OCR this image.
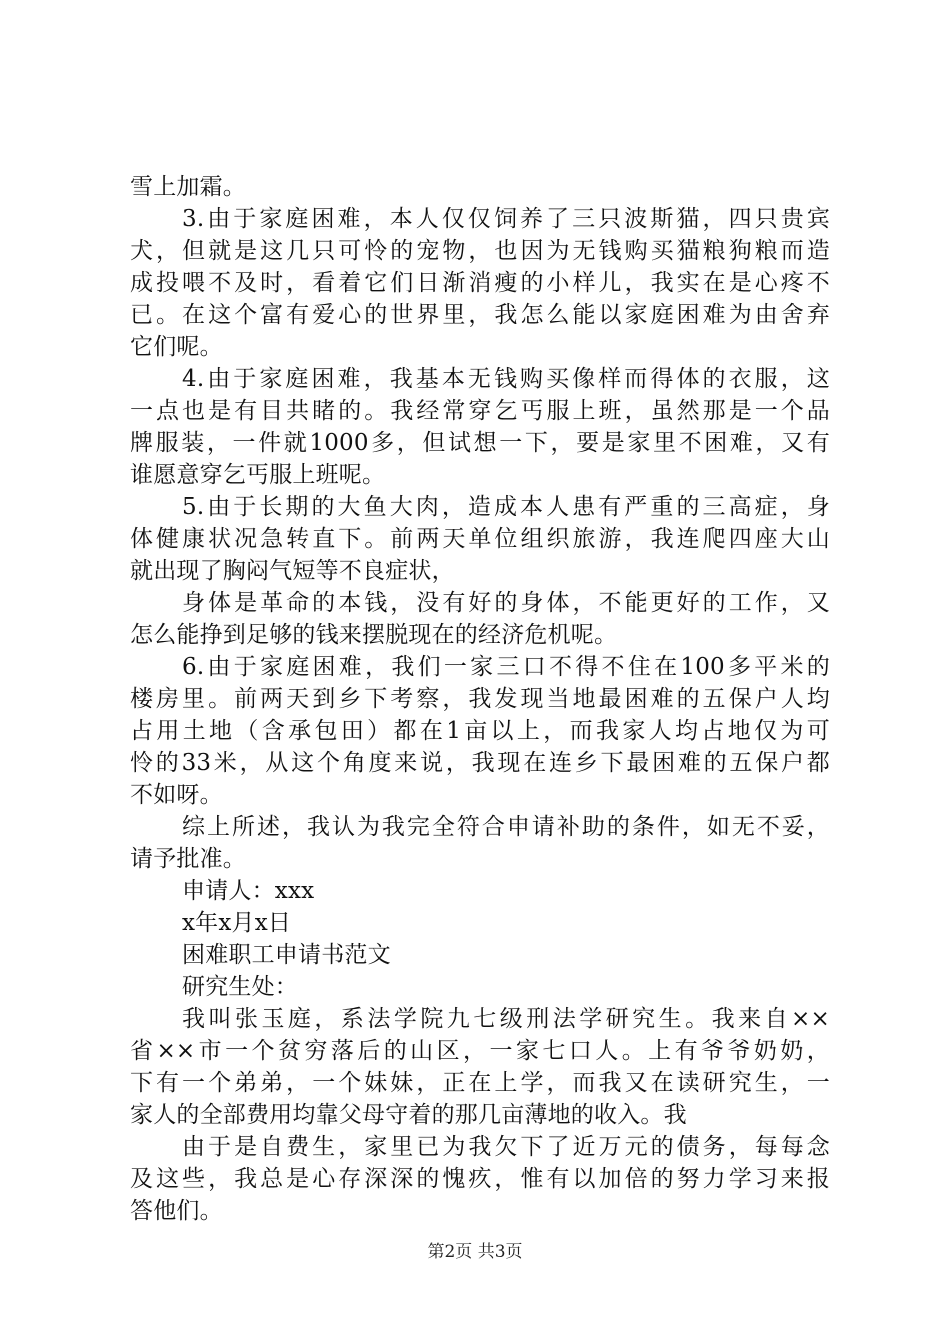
雪上加霜。
3.由于家庭困难，本人仅仅饲养了三只波斯猫，四只贵宾
犬，但就是这几只可怜的宠物，也因为无钱购买猫粮狗粮而造
成投喂不及时，看着它们日渐消瘦的小样儿，我实在是心疼不
已。在这个富有爱心的世界里，我怎么能以家庭困难为由舍弃
它们呢。
4.由于家庭困难，我基本无钱购买像样而得体的衣服，这
一点也是有目共睹的。我经常穿乞丐服上班，虽然那是一个品
牌服装，一件就1000多，但试想一下，要是家里不困难，又有
谁愿意穿乞丐服上班呢。
5.由于长期的大鱼大肉，造成本人患有严重的三高症，身
体健康状况急转直下。前两天单位组织旅游，我连爬四座大山
就出现了胸闷气短等不良症状，
身体是革命的本钱，没有好的身体，不能更好的工作，又
怎么能挣到足够的钱来摆脱现在的经济危机呢。
6.由于家庭困难，我们一家三口不得不住在100多平米的
楼房里。前两天到乡下考察，我发现当地最困难的五保户人均
占用土地（含承包田）都在1亩以上，而我家人均占地仅为可
怜的33米，从这个角度来说，我现在连乡下最困难的五保户都
不如呀。
综上所述，我认为我完全符合申请补助的条件，如无不妥，
请予批准。
申请人：xxx
x年x月x日
困难职工申请书范文
研究生处：
我叫张玉庭，系法学院九七级刑法学研究生。我来自××
省××市一个贫穷落后的山区，一家七口人。上有爷爷奶奶，
下有一个弟弟，一个妹妹，正在上学，而我又在读研究生，一
家人的全部费用均靠父母守着的那几亩薄地的收入。我
由于是自费生，家里已为我欠下了近万元的债务，每每念
及这些，我总是心存深深的愧疚，惟有以加倍的努力学习来报
答他们。
第2页 共3页
